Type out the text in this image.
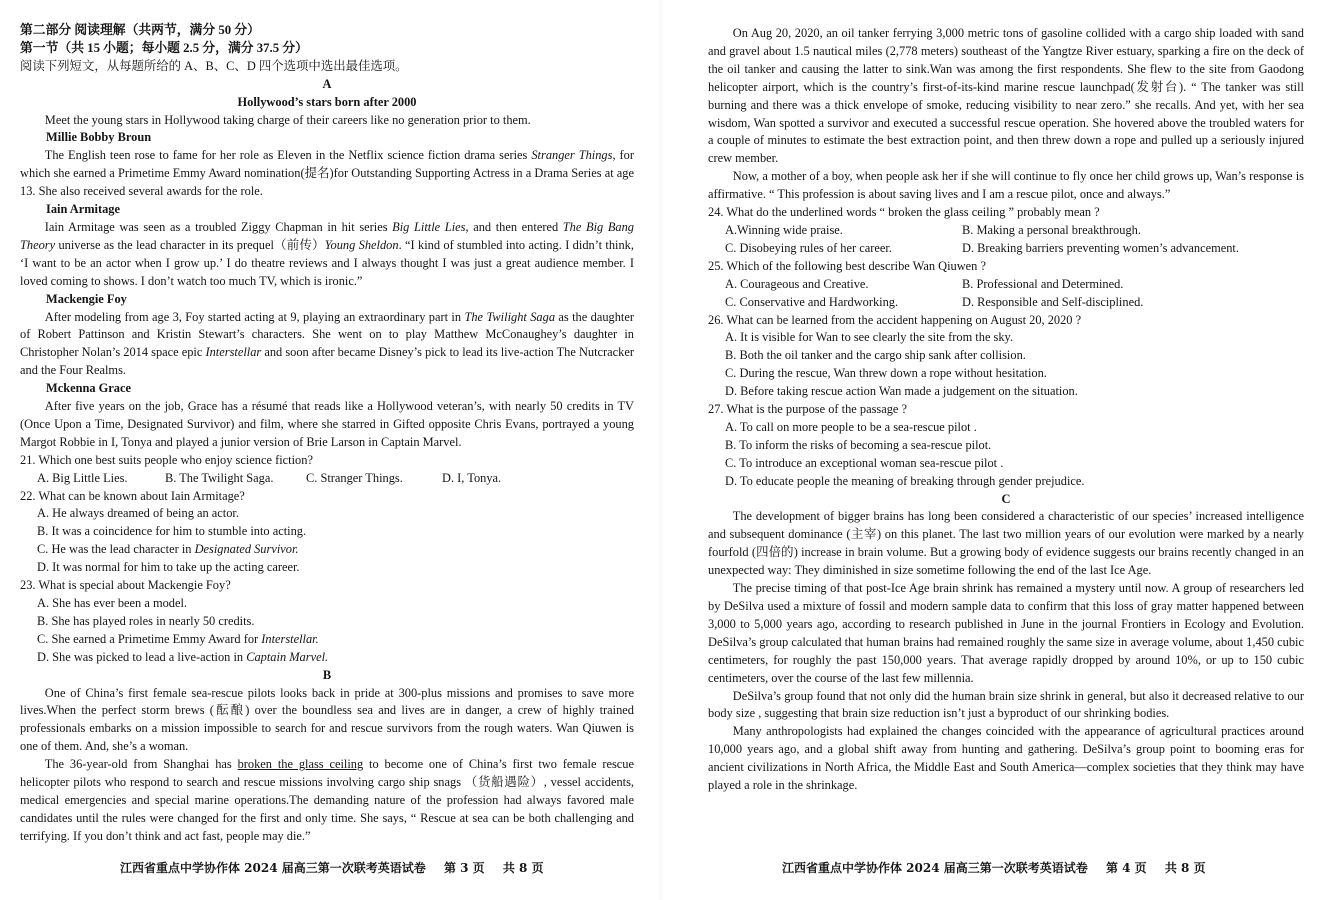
第二部分 阅读理解（共两节，满分 50 分）

第一节（共 15 小题；每小题 2.5 分，满分 37.5 分）

阅读下列短文，从每题所给的 A、B、C、D 四个选项中选出最佳选项。

A

Hollywood’s stars born after 2000

Meet the young stars in Hollywood taking charge of their careers like no generation prior to them.

Millie Bobby Broun

The English teen rose to fame for her role as Eleven in the Netflix science fiction drama series Stranger Things, for which she earned a Primetime Emmy Award nomination(提名)for Outstanding Supporting Actress in a Drama Series at age 13. She also received several awards for the role.

Iain Armitage

Iain Armitage was seen as a troubled Ziggy Chapman in hit series Big Little Lies, and then entered The Big Bang Theory universe as the lead character in its prequel（前传）Young Sheldon. “I kind of stumbled into acting. I didn’t think, ‘I want to be an actor when I grow up.’ I do theatre reviews and I always thought I was just a great audience member. I loved coming to shows. I don’t watch too much TV, which is ironic.”

Mackengie Foy

After modeling from age 3, Foy started acting at 9, playing an extraordinary part in The Twilight Saga as the daughter of Robert Pattinson and Kristin Stewart’s characters. She went on to play Matthew McConaughey’s daughter in Christopher Nolan’s 2014 space epic Interstellar and soon after became Disney’s pick to lead its live-action The Nutcracker and the Four Realms.

Mckenna Grace

After five years on the job, Grace has a résumé that reads like a Hollywood veteran’s, with nearly 50 credits in TV (Once Upon a Time, Designated Survivor) and film, where she starred in Gifted opposite Chris Evans, portrayed a young Margot Robbie in I, Tonya and played a junior version of Brie Larson in Captain Marvel.

21. Which one best suits people who enjoy science fiction?

A. Big Little Lies.	B. The Twilight Saga.	C. Stranger Things.	D. I, Tonya.

22. What can be known about Iain Armitage?

A. He always dreamed of being an actor.

B. It was a coincidence for him to stumble into acting.

C. He was the lead character in Designated Survivor.

D. It was normal for him to take up the acting career.

23. What is special about Mackengie Foy?

A. She has ever been a model.

B. She has played roles in nearly 50 credits.

C. She earned a Primetime Emmy Award for Interstellar.

D. She was picked to lead a live-action in Captain Marvel.

B

One of China’s first female sea-rescue pilots looks back in pride at 300-plus missions and promises to save more lives.When the perfect storm brews (酝酿) over the boundless sea and lives are in danger, a crew of highly trained professionals embarks on a mission impossible to search for and rescue survivors from the rough waters. Wan Qiuwen is one of them. And, she’s a woman.

The 36-year-old from Shanghai has broken the glass ceiling to become one of China’s first two female rescue helicopter pilots who respond to search and rescue missions involving cargo ship snags （货船遇险）, vessel accidents, medical emergencies and special marine operations.The demanding nature of the profession had always favored male candidates until the rules were changed for the first and only time. She says, “ Rescue at sea can be both challenging and terrifying. If you don’t think and act fast, people may die.”

江西省重点中学协作体 2024 届高三第一次联考英语试卷 第 3 页 共 8 页

On Aug 20, 2020, an oil tanker ferrying 3,000 metric tons of gasoline collided with a cargo ship loaded with sand and gravel about 1.5 nautical miles (2,778 meters) southeast of the Yangtze River estuary, sparking a fire on the deck of the oil tanker and causing the latter to sink.Wan was among the first respondents. She flew to the site from Gaodong helicopter airport, which is the country’s first-of-its-kind marine rescue launchpad(发射台). “ The tanker was still burning and there was a thick envelope of smoke, reducing visibility to near zero.” she recalls. And yet, with her sea wisdom, Wan spotted a survivor and executed a successful rescue operation. She hovered above the troubled waters for a couple of minutes to estimate the best extraction point, and then threw down a rope and pulled up a seriously injured crew member.

Now, a mother of a boy, when people ask her if she will continue to fly once her child grows up, Wan’s response is affirmative. “ This profession is about saving lives and I am a rescue pilot, once and always.”

24. What do the underlined words “ broken the glass ceiling ” probably mean ?

A.Winning wide praise.	B. Making a personal breakthrough.
C. Disobeying rules of her career.	D. Breaking barriers preventing women’s advancement.

25. Which of the following best describe Wan Qiuwen ?

A. Courageous and Creative.	B. Professional and Determined.
C. Conservative and Hardworking.	D. Responsible and Self-disciplined.

26. What can be learned from the accident happening on August 20, 2020 ?

A. It is visible for Wan to see clearly the site from the sky.

B. Both the oil tanker and the cargo ship sank after collision.

C. During the rescue, Wan threw down a rope without hesitation.

D. Before taking rescue action Wan made a judgement on the situation.

27. What is the purpose of the passage ?

A. To call on more people to be a sea-rescue pilot .

B. To inform the risks of becoming a sea-rescue pilot.

C. To introduce an exceptional woman sea-rescue pilot .

D. To educate people the meaning of breaking through gender prejudice.

C

The development of bigger brains has long been considered a characteristic of our species’ increased intelligence and subsequent dominance (主宰) on this planet. The last two million years of our evolution were marked by a nearly fourfold (四倍的) increase in brain volume. But a growing body of evidence suggests our brains recently changed in an unexpected way: They diminished in size sometime following the end of the last Ice Age.

The precise timing of that post-Ice Age brain shrink has remained a mystery until now. A group of researchers led by DeSilva used a mixture of fossil and modern sample data to confirm that this loss of gray matter happened between 3,000 to 5,000 years ago, according to research published in June in the journal Frontiers in Ecology and Evolution. DeSilva’s group calculated that human brains had remained roughly the same size in average volume, about 1,450 cubic centimeters, for roughly the past 150,000 years. That average rapidly dropped by around 10%, or up to 150 cubic centimeters, over the course of the last few millennia.

DeSilva’s group found that not only did the human brain size shrink in general, but also it decreased relative to our body size , suggesting that brain size reduction isn’t just a byproduct of our shrinking bodies.

Many anthropologists had explained the changes coincided with the appearance of agricultural practices around 10,000 years ago, and a global shift away from hunting and gathering. DeSilva’s group point to booming eras for ancient civilizations in North Africa, the Middle East and South America—complex societies that they think may have played a role in the shrinkage.

江西省重点中学协作体 2024 届高三第一次联考英语试卷 第 4 页 共 8 页
